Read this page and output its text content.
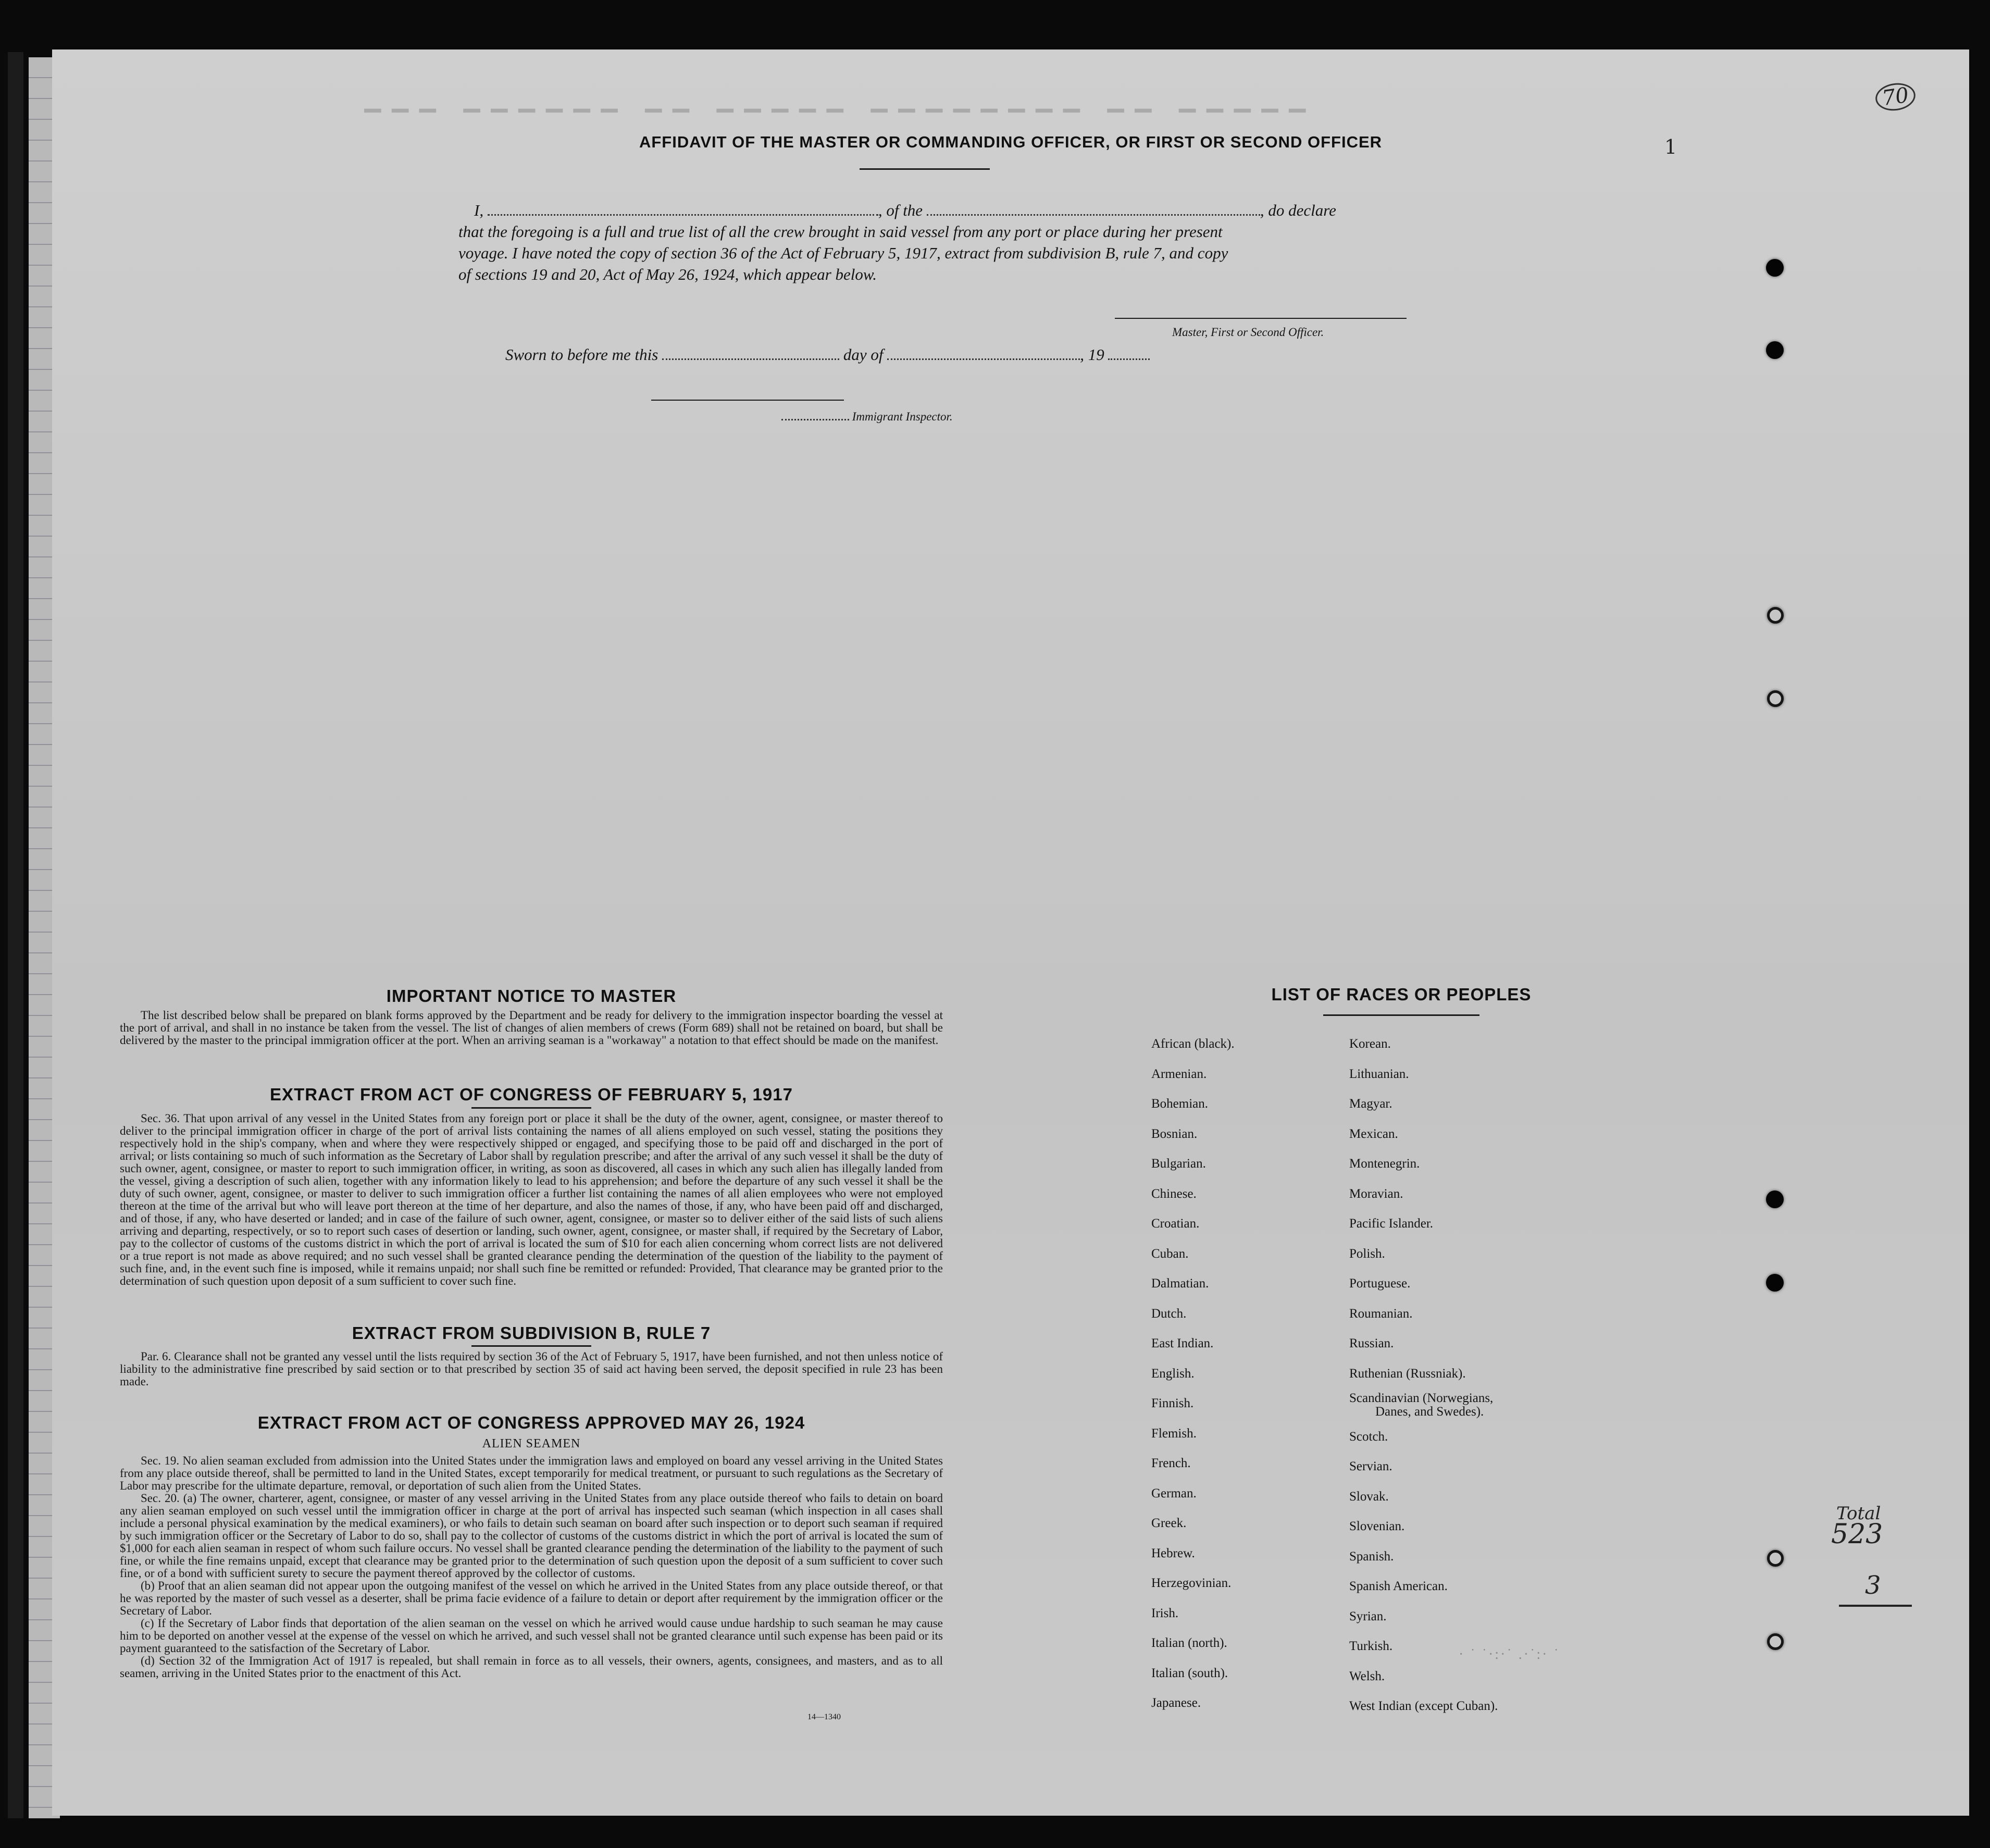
▔▔▔ ▔▔▔▔▔▔ ▔▔ ▔▔▔▔▔ ▔▔▔▔▔▔▔▔ ▔▔ ▔▔▔▔▔
70
1
Total
523
3
AFFIDAVIT OF THE MASTER OR COMMANDING OFFICER, OR FIRST OR SECOND OFFICER
I,	, of the	, do declare
that the foregoing is a full and true list of all the crew brought in said vessel from any port or place during her present
voyage. I have noted the copy of section 36 of the Act of February 5, 1917, extract from subdivision B, rule 7, and copy
of sections 19 and 20, Act of May 26, 1924, which appear below.
Master, First or Second Officer.
Sworn to before me this	day of	, 19
Immigrant Inspector.
IMPORTANT NOTICE TO MASTER

The list described below shall be prepared on blank forms approved by the Department and be ready for delivery to the immigration inspector boarding the vessel at the port of arrival, and shall in no instance be taken from the vessel. The list of changes of alien members of crews (Form 689) shall not be retained on board, but shall be delivered by the master to the principal immigration officer at the port. When an arriving seaman is a "workaway" a notation to that effect should be made on the manifest.

EXTRACT FROM ACT OF CONGRESS OF FEBRUARY 5, 1917

Sec. 36. That upon arrival of any vessel in the United States from any foreign port or place it shall be the duty of the owner, agent, consignee, or master thereof to deliver to the principal immigration officer in charge of the port of arrival lists containing the names of all aliens employed on such vessel, stating the positions they respectively hold in the ship's company, when and where they were respectively shipped or engaged, and specifying those to be paid off and discharged in the port of arrival; or lists containing so much of such information as the Secretary of Labor shall by regulation prescribe; and after the arrival of any such vessel it shall be the duty of such owner, agent, consignee, or master to report to such immigration officer, in writing, as soon as discovered, all cases in which any such alien has illegally landed from the vessel, giving a description of such alien, together with any information likely to lead to his apprehension; and before the departure of any such vessel it shall be the duty of such owner, agent, consignee, or master to deliver to such immigration officer a further list containing the names of all alien employees who were not employed thereon at the time of the arrival but who will leave port thereon at the time of her departure, and also the names of those, if any, who have been paid off and discharged, and of those, if any, who have deserted or landed; and in case of the failure of such owner, agent, consignee, or master so to deliver either of the said lists of such aliens arriving and departing, respectively, or so to report such cases of desertion or landing, such owner, agent, consignee, or master shall, if required by the Secretary of Labor, pay to the collector of customs of the customs district in which the port of arrival is located the sum of $10 for each alien concerning whom correct lists are not delivered or a true report is not made as above required; and no such vessel shall be granted clearance pending the determination of the question of the liability to the payment of such fine, and, in the event such fine is imposed, while it remains unpaid; nor shall such fine be remitted or refunded: Provided, That clearance may be granted prior to the determination of such question upon deposit of a sum sufficient to cover such fine.

EXTRACT FROM SUBDIVISION B, RULE 7

Par. 6. Clearance shall not be granted any vessel until the lists required by section 36 of the Act of February 5, 1917, have been furnished, and not then unless notice of liability to the administrative fine prescribed by said section or to that prescribed by section 35 of said act having been served, the deposit specified in rule 23 has been made.

EXTRACT FROM ACT OF CONGRESS APPROVED MAY 26, 1924
ALIEN SEAMEN

Sec. 19. No alien seaman excluded from admission into the United States under the immigration laws and employed on board any vessel arriving in the United States from any place outside thereof, shall be permitted to land in the United States, except temporarily for medical treatment, or pursuant to such regulations as the Secretary of Labor may prescribe for the ultimate departure, removal, or deportation of such alien from the United States.

Sec. 20. (a) The owner, charterer, agent, consignee, or master of any vessel arriving in the United States from any place outside thereof who fails to detain on board any alien seaman employed on such vessel until the immigration officer in charge at the port of arrival has inspected such seaman (which inspection in all cases shall include a personal physical examination by the medical examiners), or who fails to detain such seaman on board after such inspection or to deport such seaman if required by such immigration officer or the Secretary of Labor to do so, shall pay to the collector of customs of the customs district in which the port of arrival is located the sum of $1,000 for each alien seaman in respect of whom such failure occurs. No vessel shall be granted clearance pending the determination of the liability to the payment of such fine, or while the fine remains unpaid, except that clearance may be granted prior to the determination of such question upon the deposit of a sum sufficient to cover such fine, or of a bond with sufficient surety to secure the payment thereof approved by the collector of customs.

(b) Proof that an alien seaman did not appear upon the outgoing manifest of the vessel on which he arrived in the United States from any place outside thereof, or that he was reported by the master of such vessel as a deserter, shall be prima facie evidence of a failure to detain or deport after requirement by the immigration officer or the Secretary of Labor.

(c) If the Secretary of Labor finds that deportation of the alien seaman on the vessel on which he arrived would cause undue hardship to such seaman he may cause him to be deported on another vessel at the expense of the vessel on which he arrived, and such vessel shall not be granted clearance until such expense has been paid or its payment guaranteed to the satisfaction of the Secretary of Labor.

(d) Section 32 of the Immigration Act of 1917 is repealed, but shall remain in force as to all vessels, their owners, agents, consignees, and masters, and as to all seamen, arriving in the United States prior to the enactment of this Act.

14—1340
LIST OF RACES OR PEOPLES
African (black).
Armenian.
Bohemian.
Bosnian.
Bulgarian.
Chinese.
Croatian.
Cuban.
Dalmatian.
Dutch.
East Indian.
English.
Finnish.
Flemish.
French.
German.
Greek.
Hebrew.
Herzegovinian.
Irish.
Italian (north).
Italian (south).
Japanese.
Korean.
Lithuanian.
Magyar.
Mexican.
Montenegrin.
Moravian.
Pacific Islander.
Polish.
Portuguese.
Roumanian.
Russian.
Ruthenian (Russniak).
Scandinavian (Norwegians,
Danes, and Swedes).
Scotch.
Servian.
Slovak.
Slovenian.
Spanish.
Spanish American.
Syrian.
Turkish.
Welsh.
West Indian (except Cuban).
· ˙ ˙·:·˙ .·˙:· ˙
